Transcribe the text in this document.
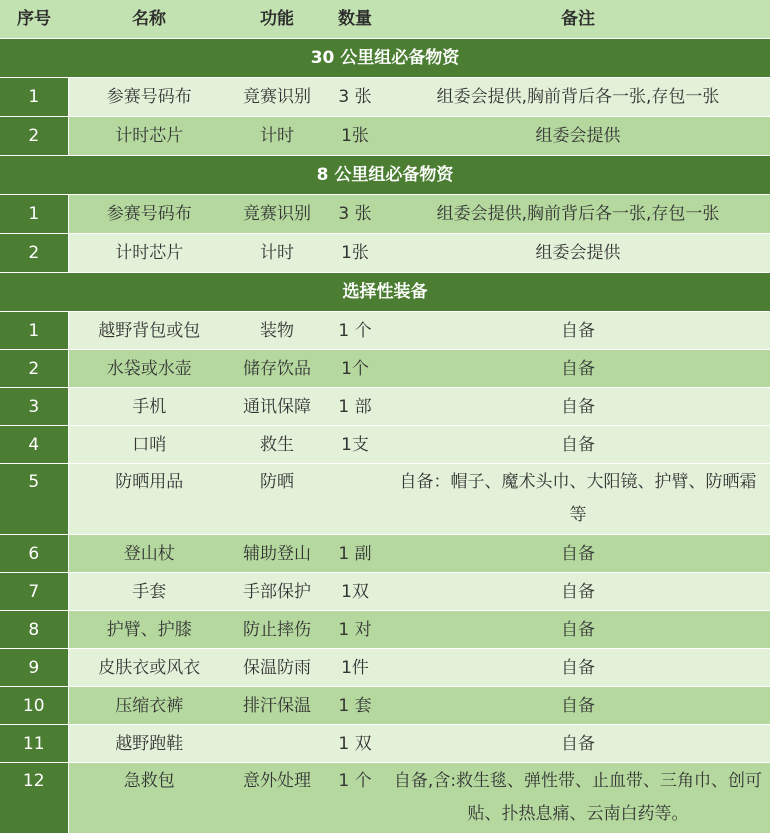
序号	名称	功能	数量	备注
30 公里组必备物资				
1	参赛号码布	竟赛识别	3 张	组委会提供,胸前背后各一张,存包一张
2	计时芯片	计时	1张	组委会提供
8 公里组必备物资				
1	参赛号码布	竟赛识别	3 张	组委会提供,胸前背后各一张,存包一张
2	计时芯片	计时	1张	组委会提供
选择性装备				
1	越野背包或包	装物	1 个	自备
2	水袋或水壶	储存饮品	1个	自备
3	手机	通讯保障	1 部	自备
4	口哨	救生	1支	自备
5	防晒用品	防晒		自备：帽子、魔术头巾、大阳镜、护臂、防晒霜等
6	登山杖	辅助登山	1 副	自备
7	手套	手部保护	1双	自备
8	护臂、护膝	防止摔伤	1 对	自备
9	皮肤衣或风衣	保温防雨	1件	自备
10	压缩衣裤	排汗保温	1 套	自备
11	越野跑鞋		1 双	自备
12	急救包	意外处理	1 个	自备,含:救生毯、弹性带、止血带、三角巾、创可贴、扑热息痛、云南白药等。
